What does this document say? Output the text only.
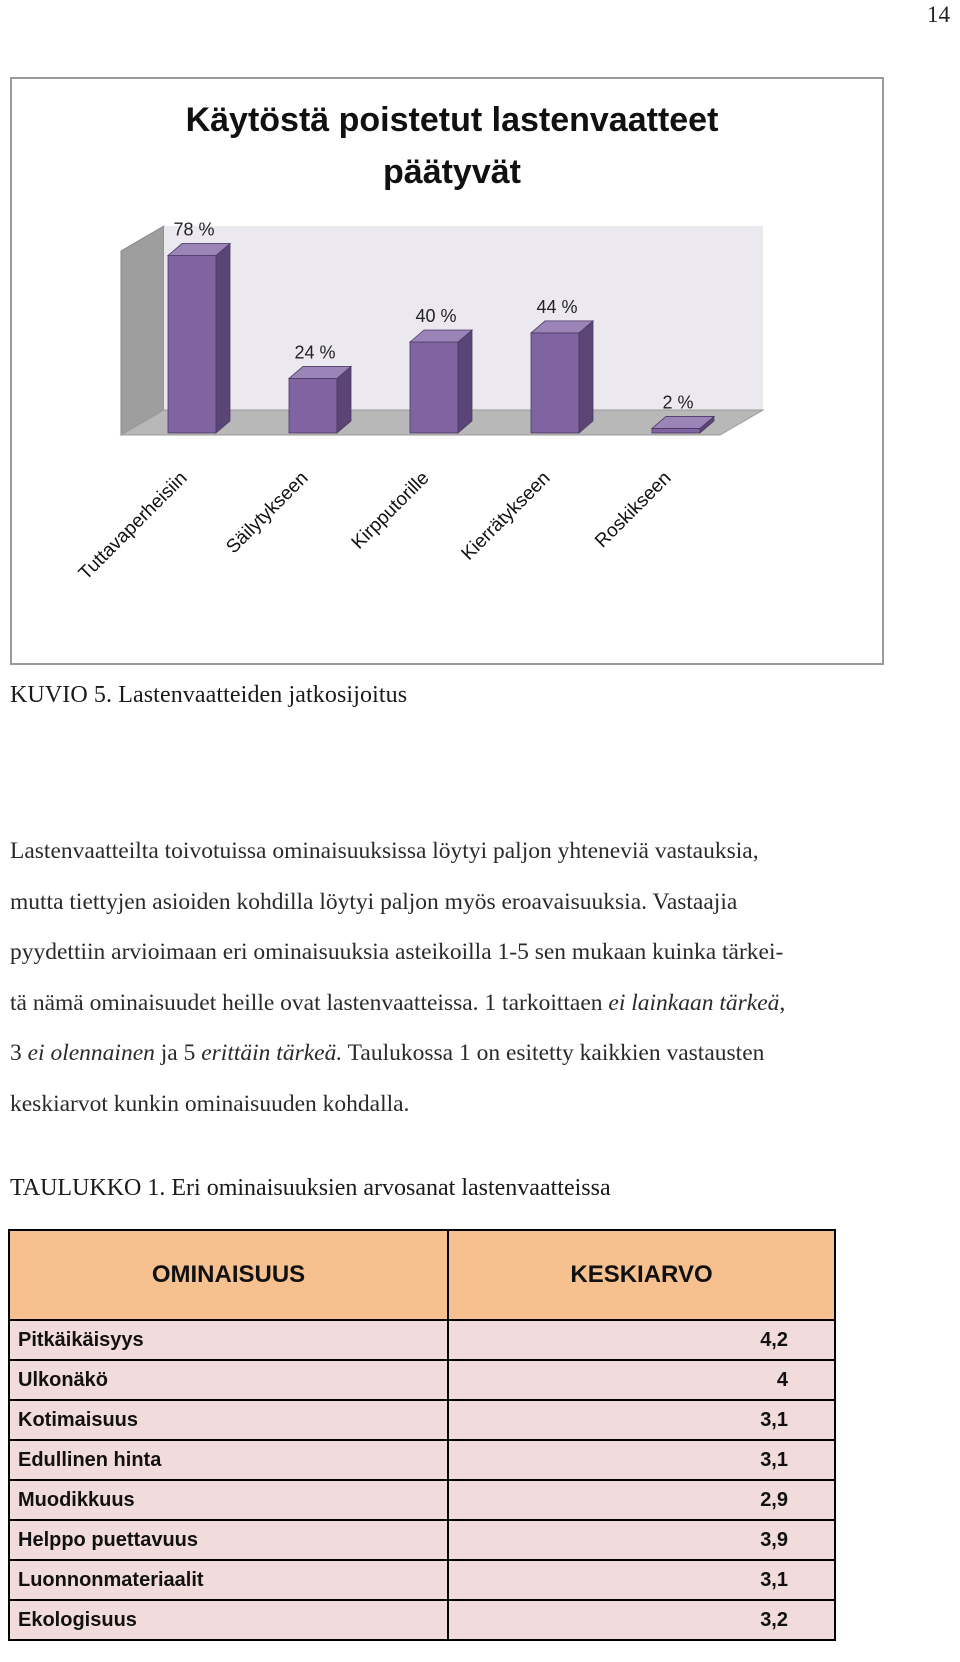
14
Käytöstä poistetut lastenvaatteet
päätyvät
78 %
24 %
40 %	44 %
2 %
Tuttavaperheisiin Säilytykseen Kirpputorille Kierrätykseen Roskikseen
KUVIO 5. Lastenvaatteiden jatkosijoitus
Lastenvaatteilta toivotuissa ominaisuuksissa löytyi paljon yhteneviä vastauksia,
mutta tiettyjen asioiden kohdilla löytyi paljon myös eroavaisuuksia. Vastaajia
pyydettiin arvioimaan eri ominaisuuksia asteikoilla 1-5 sen mukaan kuinka tärkei-
tä nämä ominaisuudet heille ovat lastenvaatteissa. 1 tarkoittaen ei lainkaan tärkeä,
3 ei olennainen ja 5 erittäin tärkeä. Taulukossa 1 on esitetty kaikkien vastausten
keskiarvot kunkin ominaisuuden kohdalla.
TAULUKKO 1. Eri ominaisuuksien arvosanat lastenvaatteissa
OMINAISUUS	KESKIARVO
Pitkäikäisyys	4,2
Ulkonäkö	4
Kotimaisuus	3,1
Edullinen hinta	3,1
Muodikkuus	2,9
Helppo puettavuus	3,9
Luonnonmateriaalit	3,1
Ekologisuus	3,2
